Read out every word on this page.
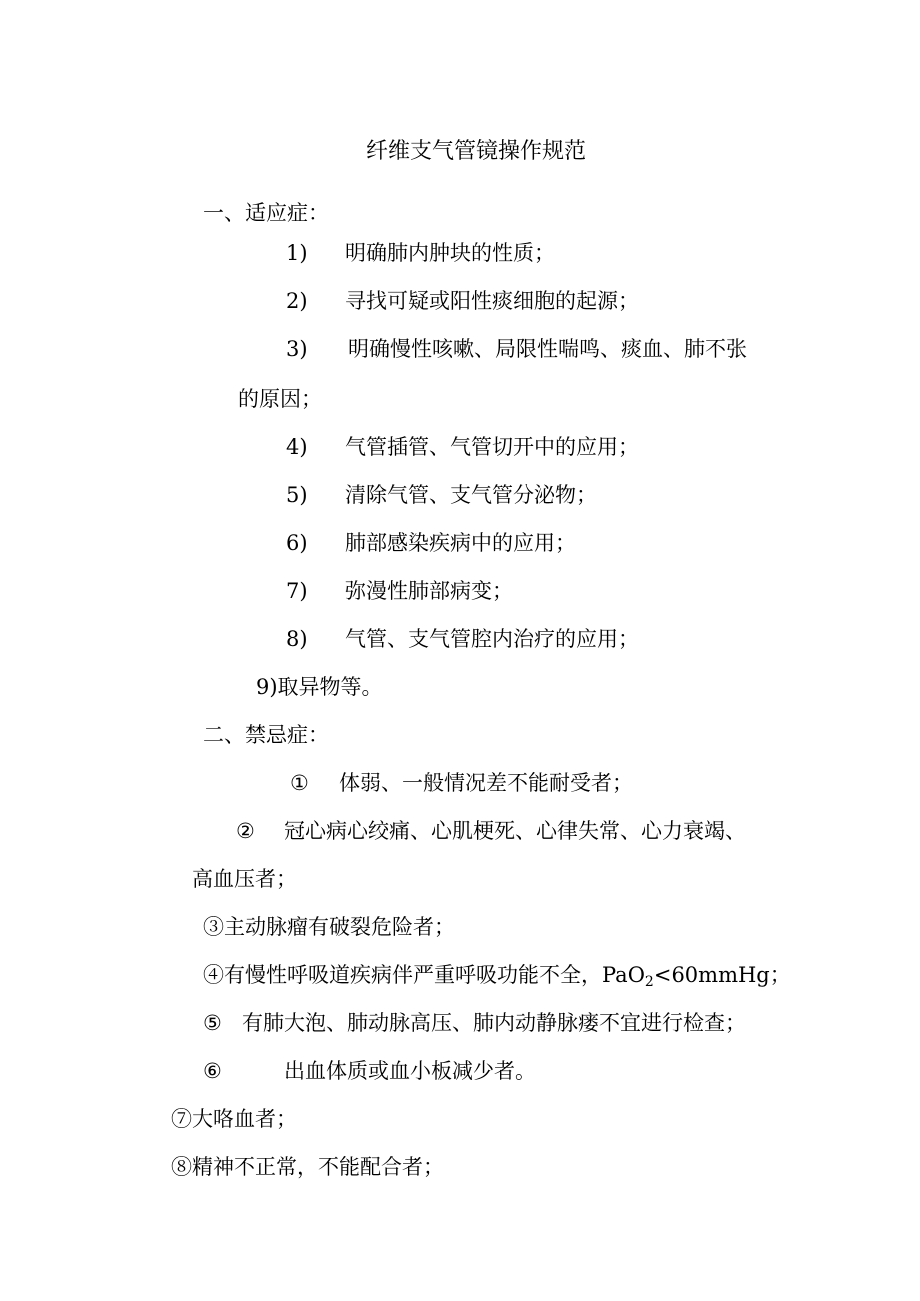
纤维支气管镜操作规范
一、适应症：
1) 明确肺内肿块的性质；
2) 寻找可疑或阳性痰细胞的起源；
3) 明确慢性咳嗽、局限性喘鸣、痰血、肺不张
的原因；
4) 气管插管、气管切开中的应用；
5) 清除气管、支气管分泌物；
6) 肺部感染疾病中的应用；
7) 弥漫性肺部病变；
8) 气管、支气管腔内治疗的应用；
9)取异物等。
二、禁忌症：
① 体弱、一般情况差不能耐受者；
② 冠心病心绞痛、心肌梗死、心律失常、心力衰竭、
高血压者；
③主动脉瘤有破裂危险者；
④有慢性呼吸道疾病伴严重呼吸功能不全，PaO$_2$<60mmHg；
⑤ 有肺大泡、肺动脉高压、肺内动静脉瘘不宜进行检查；
⑥	出血体质或血小板减少者。
⑦大咯血者；
⑧精神不正常，不能配合者；
